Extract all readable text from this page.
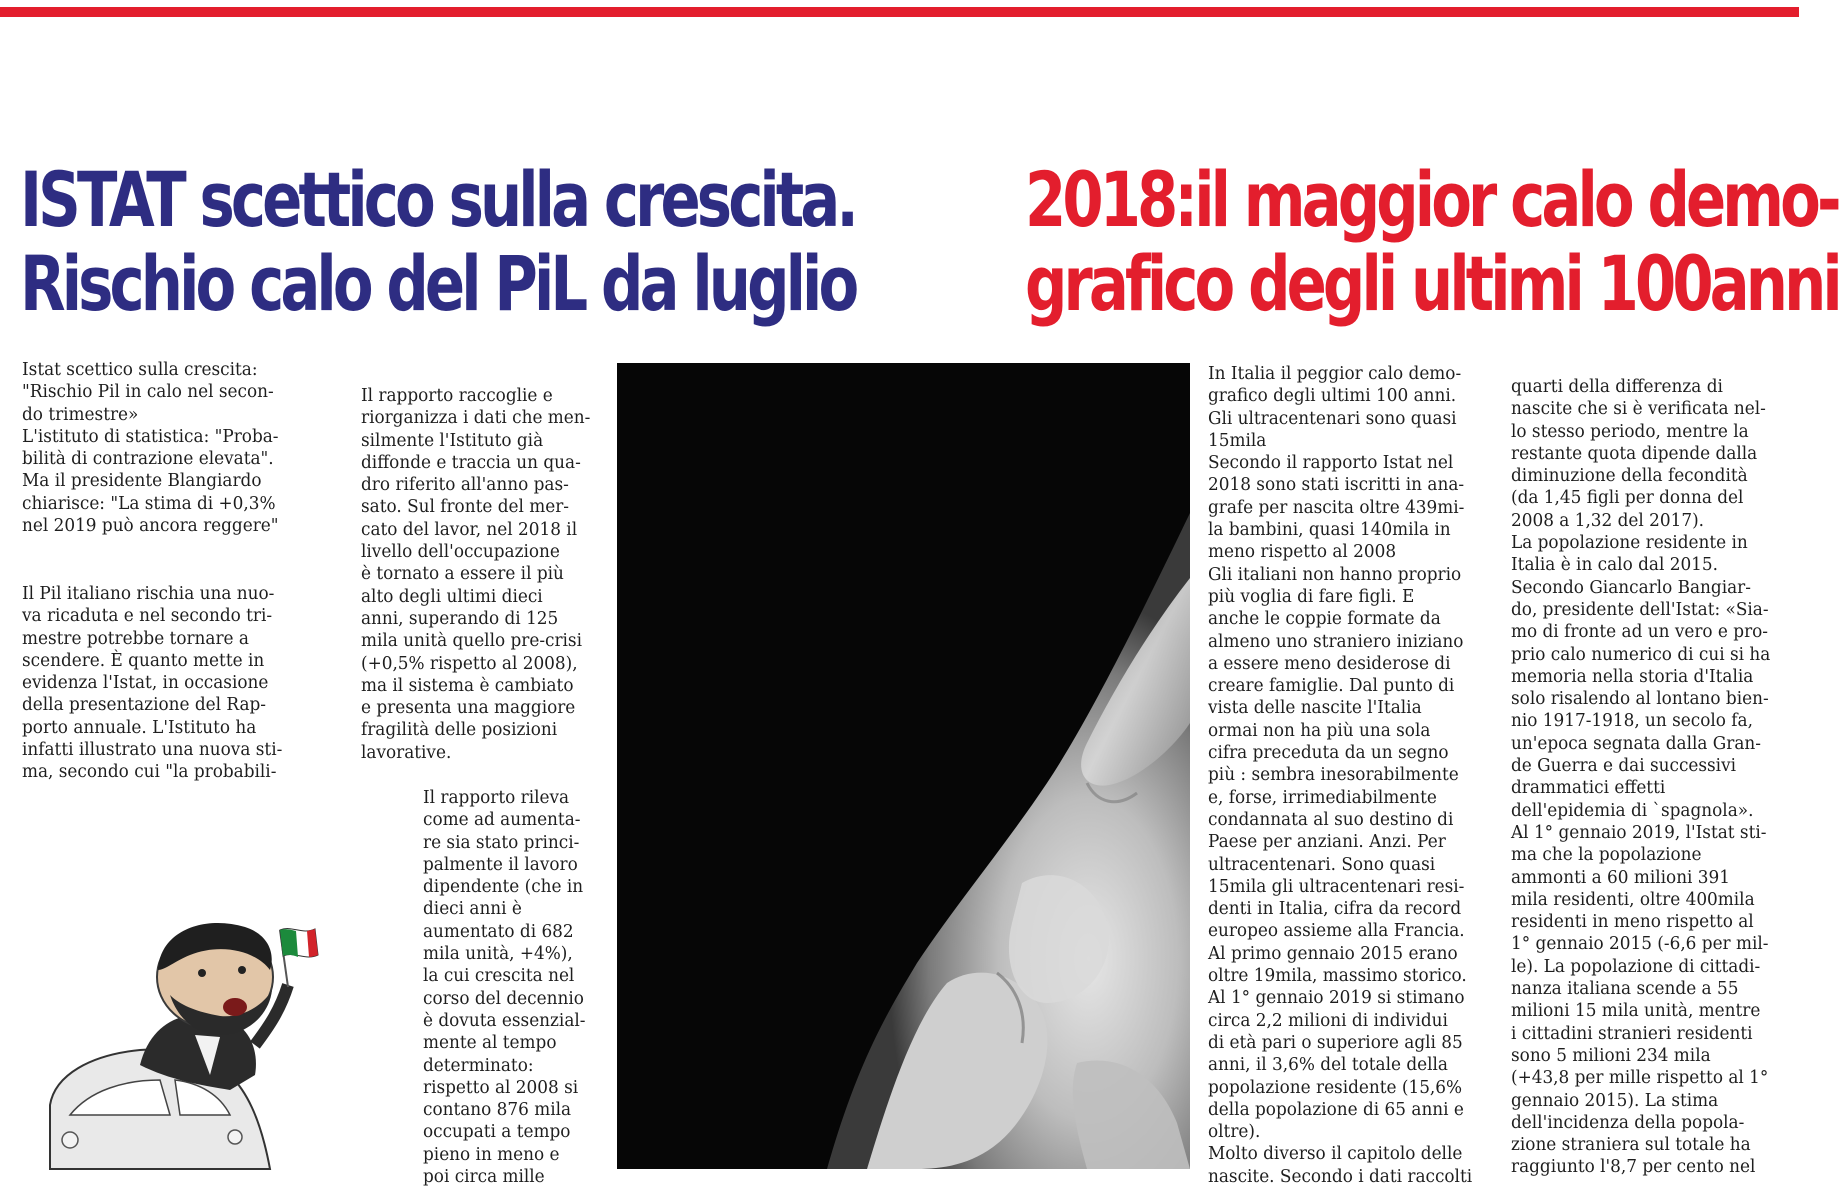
ISTAT scettico sulla crescita.
Rischio calo del PiL da luglio
2018:il maggior calo demo-
grafico degli ultimi 100anni

Istat scettico sulla crescita:
"Rischio Pil in calo nel secon-
do trimestre»
L'istituto di statistica: "Proba-
bilità di contrazione elevata".
Ma il presidente Blangiardo
chiarisce: "La stima di +0,3%
nel 2019 può ancora reggere"

Il Pil italiano rischia una nuo-
va ricaduta e nel secondo tri-
mestre potrebbe tornare a
scendere. È quanto mette in
evidenza l'Istat, in occasione
della presentazione del Rap-
porto annuale. L'Istituto ha
infatti illustrato una nuova sti-
ma, secondo cui "la probabili-

Il rapporto raccoglie e
riorganizza i dati che men-
silmente l'Istituto già
diffonde e traccia un qua-
dro riferito all'anno pas-
sato. Sul fronte del mer-
cato del lavor, nel 2018 il
livello dell'occupazione
è tornato a essere il più
alto degli ultimi dieci
anni, superando di 125
mila unità quello pre-crisi
(+0,5% rispetto al 2008),
ma il sistema è cambiato
e presenta una maggiore
fragilità delle posizioni
lavorative.

Il rapporto rileva
come ad aumenta-
re sia stato princi-
palmente il lavoro
dipendente (che in
dieci anni è
aumentato di 682
mila unità, +4%),
la cui crescita nel
corso del decennio
è dovuta essenzial-
mente al tempo
determinato:
rispetto al 2008 si
contano 876 mila
occupati a tempo
pieno in meno e
poi circa mille

In Italia il peggior calo demo-
grafico degli ultimi 100 anni.
Gli ultracentenari sono quasi
15mila
Secondo il rapporto Istat nel
2018 sono stati iscritti in ana-
grafe per nascita oltre 439mi-
la bambini, quasi 140mila in
meno rispetto al 2008
Gli italiani non hanno proprio
più voglia di fare figli. E
anche le coppie formate da
almeno uno straniero iniziano
a essere meno desiderose di
creare famiglie. Dal punto di
vista delle nascite l'Italia
ormai non ha più una sola
cifra preceduta da un segno
più : sembra inesorabilmente
e, forse, irrimediabilmente
condannata al suo destino di
Paese per anziani. Anzi. Per
ultracentenari. Sono quasi
15mila gli ultracentenari resi-
denti in Italia, cifra da record
europeo assieme alla Francia.
Al primo gennaio 2015 erano
oltre 19mila, massimo storico.
Al 1° gennaio 2019 si stimano
circa 2,2 milioni di individui
di età pari o superiore agli 85
anni, il 3,6% del totale della
popolazione residente (15,6%
della popolazione di 65 anni e
oltre).
Molto diverso il capitolo delle
nascite. Secondo i dati raccolti

quarti della differenza di
nascite che si è verificata nel-
lo stesso periodo, mentre la
restante quota dipende dalla
diminuzione della fecondità
(da 1,45 figli per donna del
2008 a 1,32 del 2017).
La popolazione residente in
Italia è in calo dal 2015.
Secondo Giancarlo Bangiar-
do, presidente dell'Istat: «Sia-
mo di fronte ad un vero e pro-
prio calo numerico di cui si ha
memoria nella storia d'Italia
solo risalendo al lontano bien-
nio 1917-1918, un secolo fa,
un'epoca segnata dalla Gran-
de Guerra e dai successivi
drammatici effetti
dell'epidemia di `spagnola».
Al 1° gennaio 2019, l'Istat sti-
ma che la popolazione
ammonti a 60 milioni 391
mila residenti, oltre 400mila
residenti in meno rispetto al
1° gennaio 2015 (-6,6 per mil-
le). La popolazione di cittadi-
nanza italiana scende a 55
milioni 15 mila unità, mentre
i cittadini stranieri residenti
sono 5 milioni 234 mila
(+43,8 per mille rispetto al 1°
gennaio 2015). La stima
dell'incidenza della popola-
zione straniera sul totale ha
raggiunto l'8,7 per cento nel
